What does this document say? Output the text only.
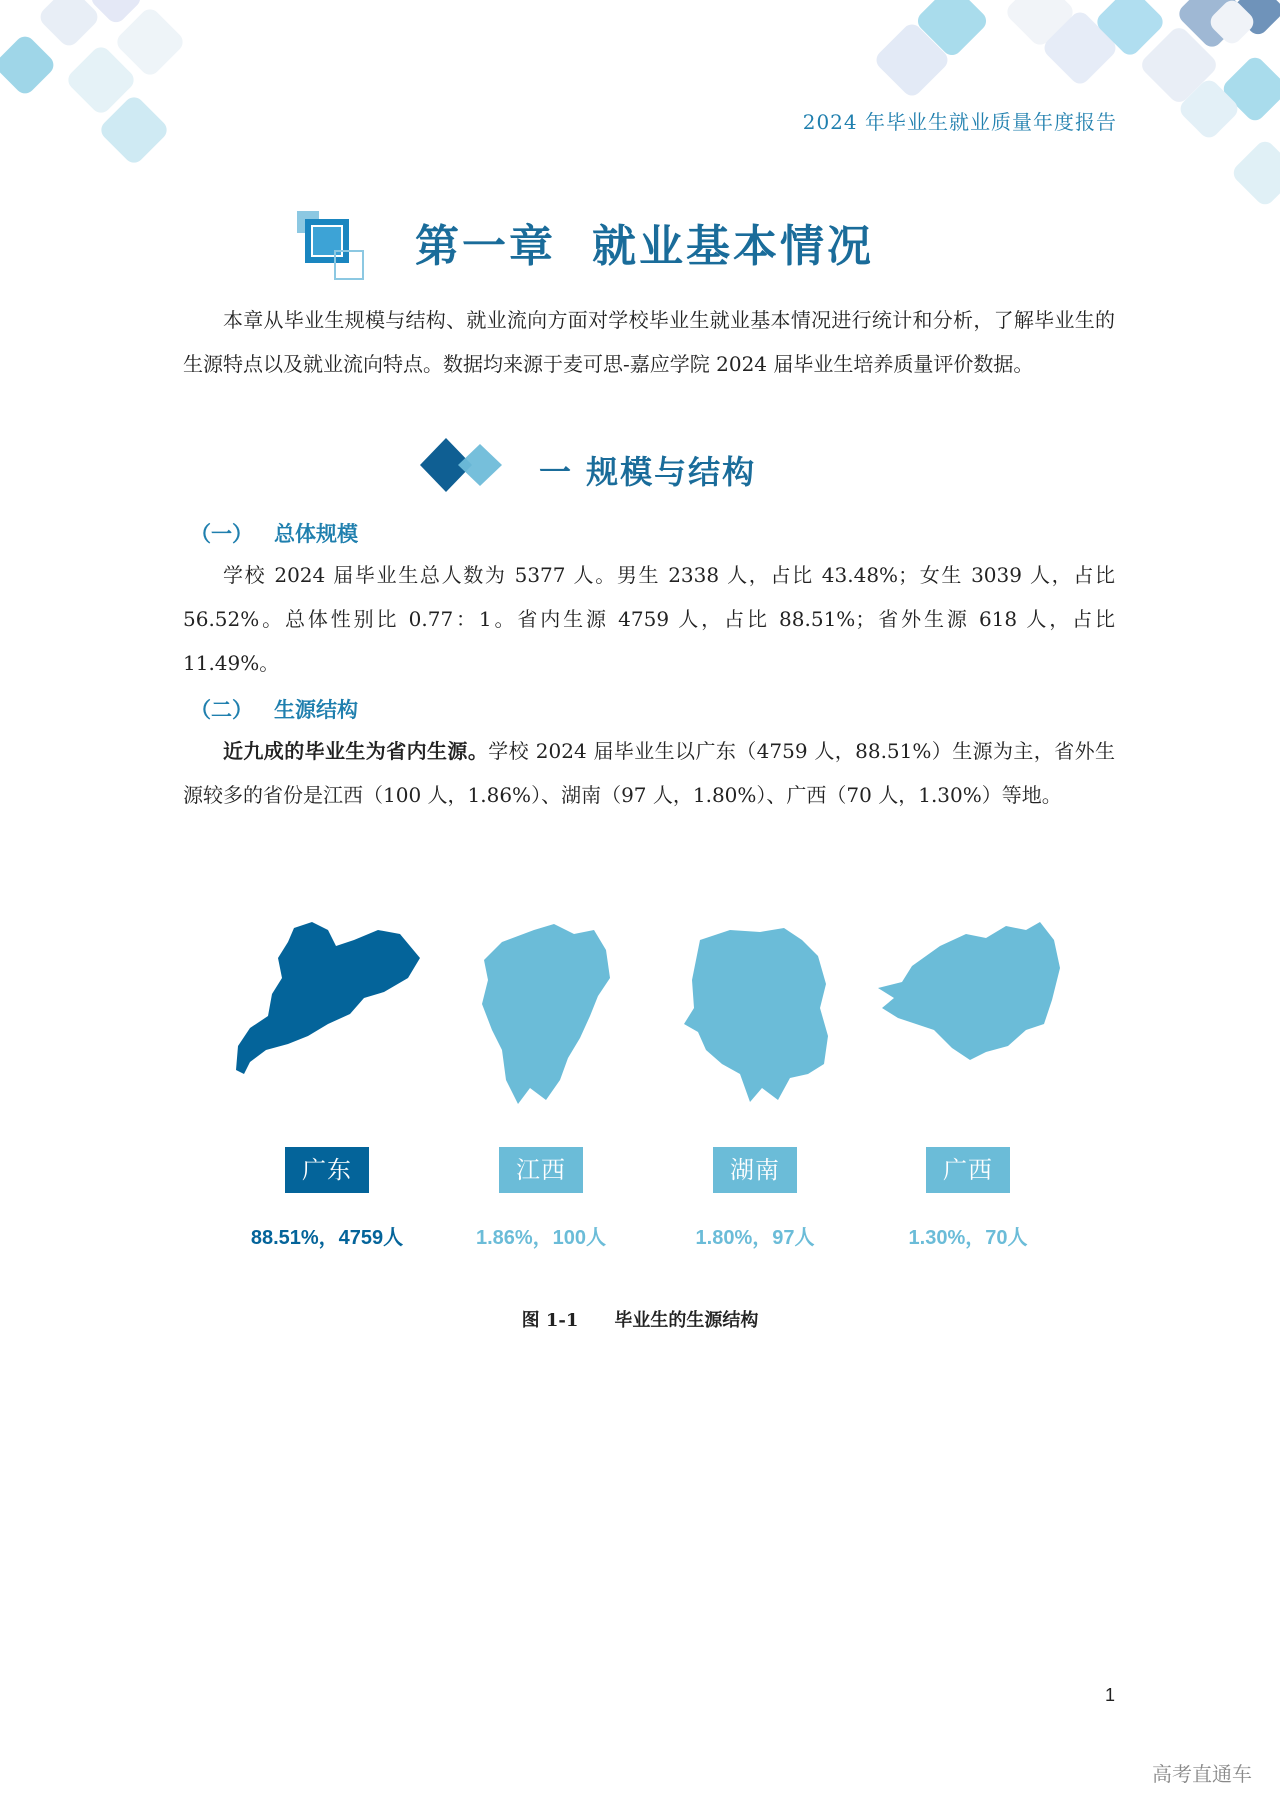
2024 年毕业生就业质量年度报告
第一章 就业基本情况
本章从毕业生规模与结构、就业流向方面对学校毕业生就业基本情况进行统计和分析，了解毕业生的生源特点以及就业流向特点。数据均来源于麦可思-嘉应学院 2024 届毕业生培养质量评价数据。
一 规模与结构
（一） 总体规模
学校 2024 届毕业生总人数为 5377 人。男生 2338 人，占比 43.48%；女生 3039 人，占比 56.52%。总体性别比 0.77：1。省内生源 4759 人，占比 88.51%；省外生源 618 人，占比 11.49%。
（二） 生源结构
近九成的毕业生为省内生源。学校 2024 届毕业生以广东（4759 人，88.51%）生源为主，省外生源较多的省份是江西（100 人，1.86%）、湖南（97 人，1.80%）、广西（70 人，1.30%）等地。
广东
88.51%，4759人
江西
1.86%，100人
湖南
1.80%，97人
广西
1.30%，70人
图 1-1 毕业生的生源结构
1
高考直通车
